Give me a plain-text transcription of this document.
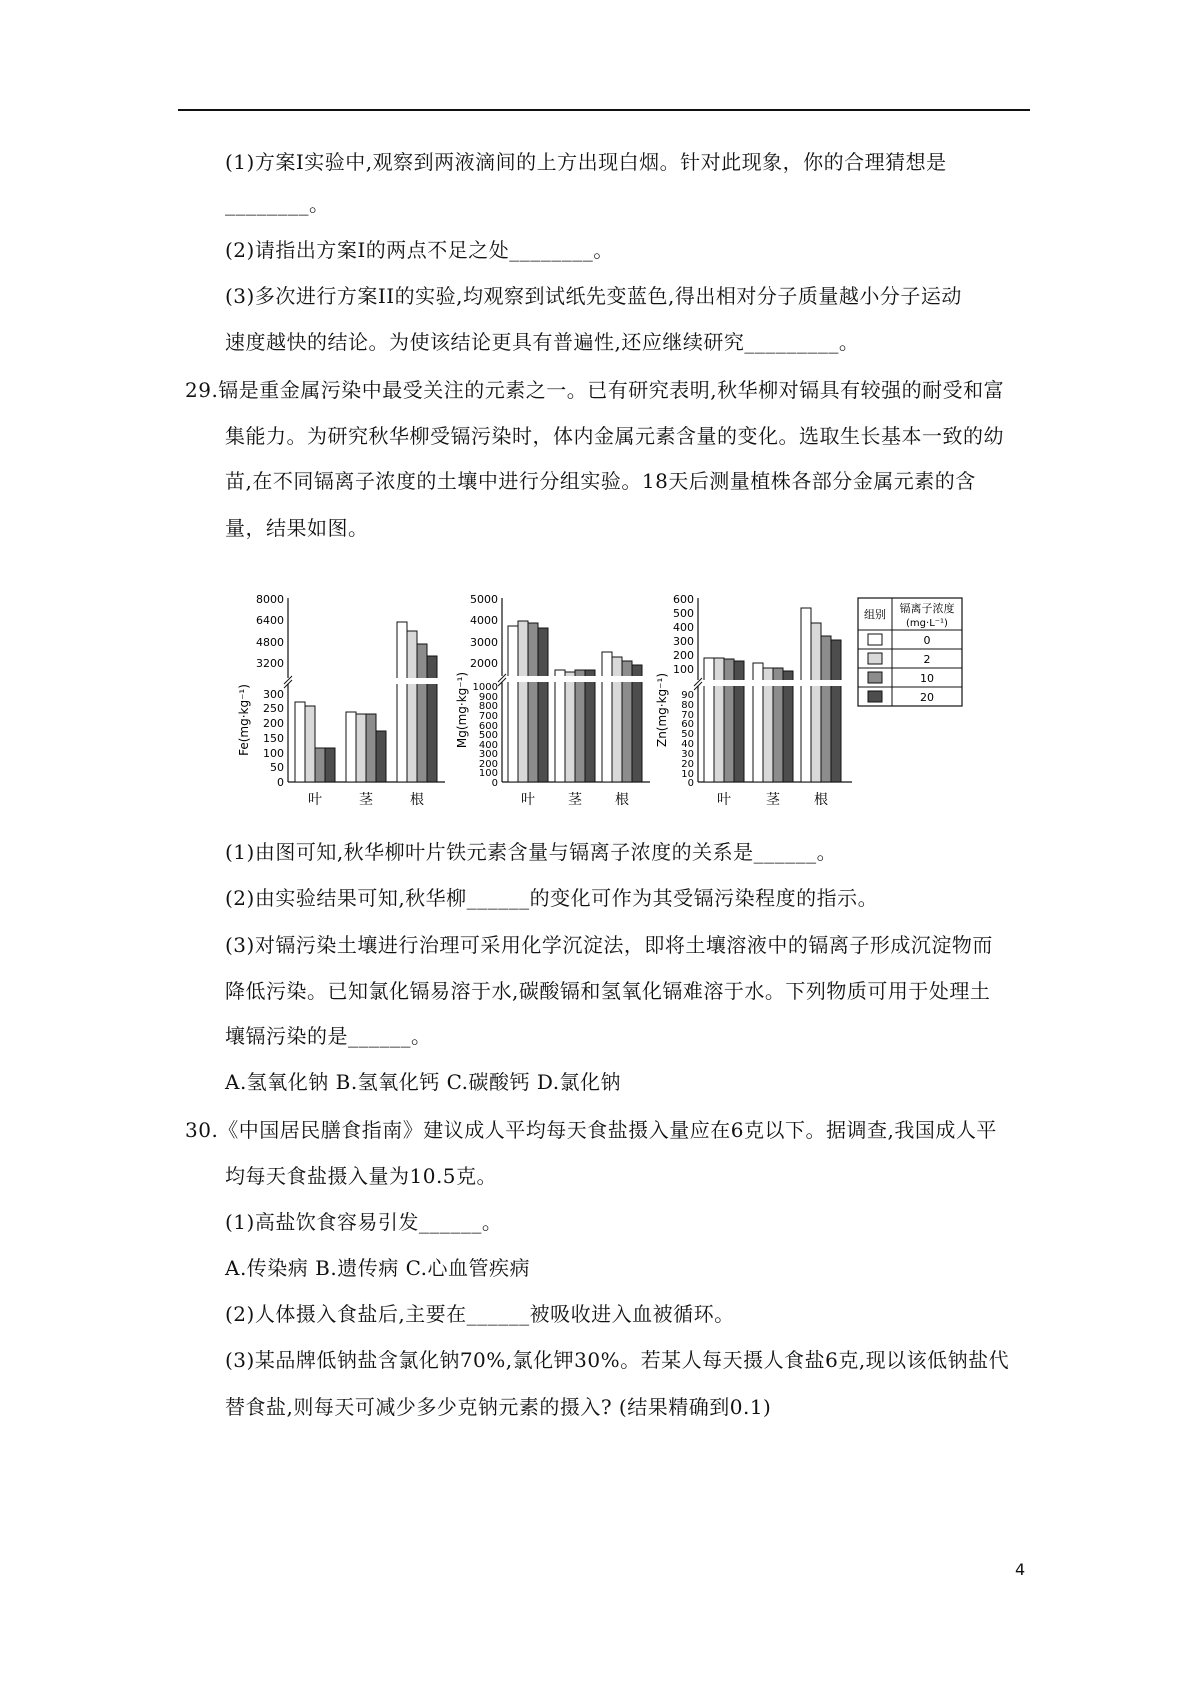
(1)方案Ⅰ实验中,观察到两液滴间的上方出现白烟。针对此现象，你的合理猜想是
________。
(2)请指出方案Ⅰ的两点不足之处________。
(3)多次进行方案II的实验,均观察到试纸先变蓝色,得出相对分子质量越小分子运动
速度越快的结论。为使该结论更具有普遍性,还应继续研究_________。
29.镉是重金属污染中最受关注的元素之一。已有研究表明,秋华柳对镉具有较强的耐受和富
集能力。为研究秋华柳受镉污染时，体内金属元素含量的变化。选取生长基本一致的幼
苗,在不同镉离子浓度的土壤中进行分组实验。18天后测量植株各部分金属元素的含
量，结果如图。
Fe(mg·kg⁻¹)
8000
6400
4800
3200
300
250
200
150
100
50
0
叶	茎	根
Mg(mg·kg⁻¹)
5000
4000
3000
2000
1000
900
800
700
600
500
400
300
200
100
0
叶 茎 根
Zn(mg·kg⁻¹)
600
500
400
300
200
100
90
80
70
60
50
40
30
20
10
0
叶	茎 根
组别 镉离子浓度
(mg·L⁻¹)
0
2
10
20
(1)由图可知,秋华柳叶片铁元素含量与镉离子浓度的关系是______。
(2)由实验结果可知,秋华柳______的变化可作为其受镉污染程度的指示。
(3)对镉污染土壤进行治理可采用化学沉淀法，即将土壤溶液中的镉离子形成沉淀物而
降低污染。已知氯化镉易溶于水,碳酸镉和氢氧化镉难溶于水。下列物质可用于处理土
壤镉污染的是______。
A.氢氧化钠 B.氢氧化钙 C.碳酸钙 D.氯化钠
30.《中国居民膳食指南》建议成人平均每天食盐摄入量应在6克以下。据调查,我国成人平
均每天食盐摄入量为10.5克。
(1)高盐饮食容易引发______。
A.传染病 B.遗传病 C.心血管疾病
(2)人体摄入食盐后,主要在______被吸收进入血被循环。
(3)某品牌低钠盐含氯化钠70%,氯化钾30%。若某人每天摄人食盐6克,现以该低钠盐代
替食盐,则每天可减少多少克钠元素的摄入? (结果精确到0.1)
4
